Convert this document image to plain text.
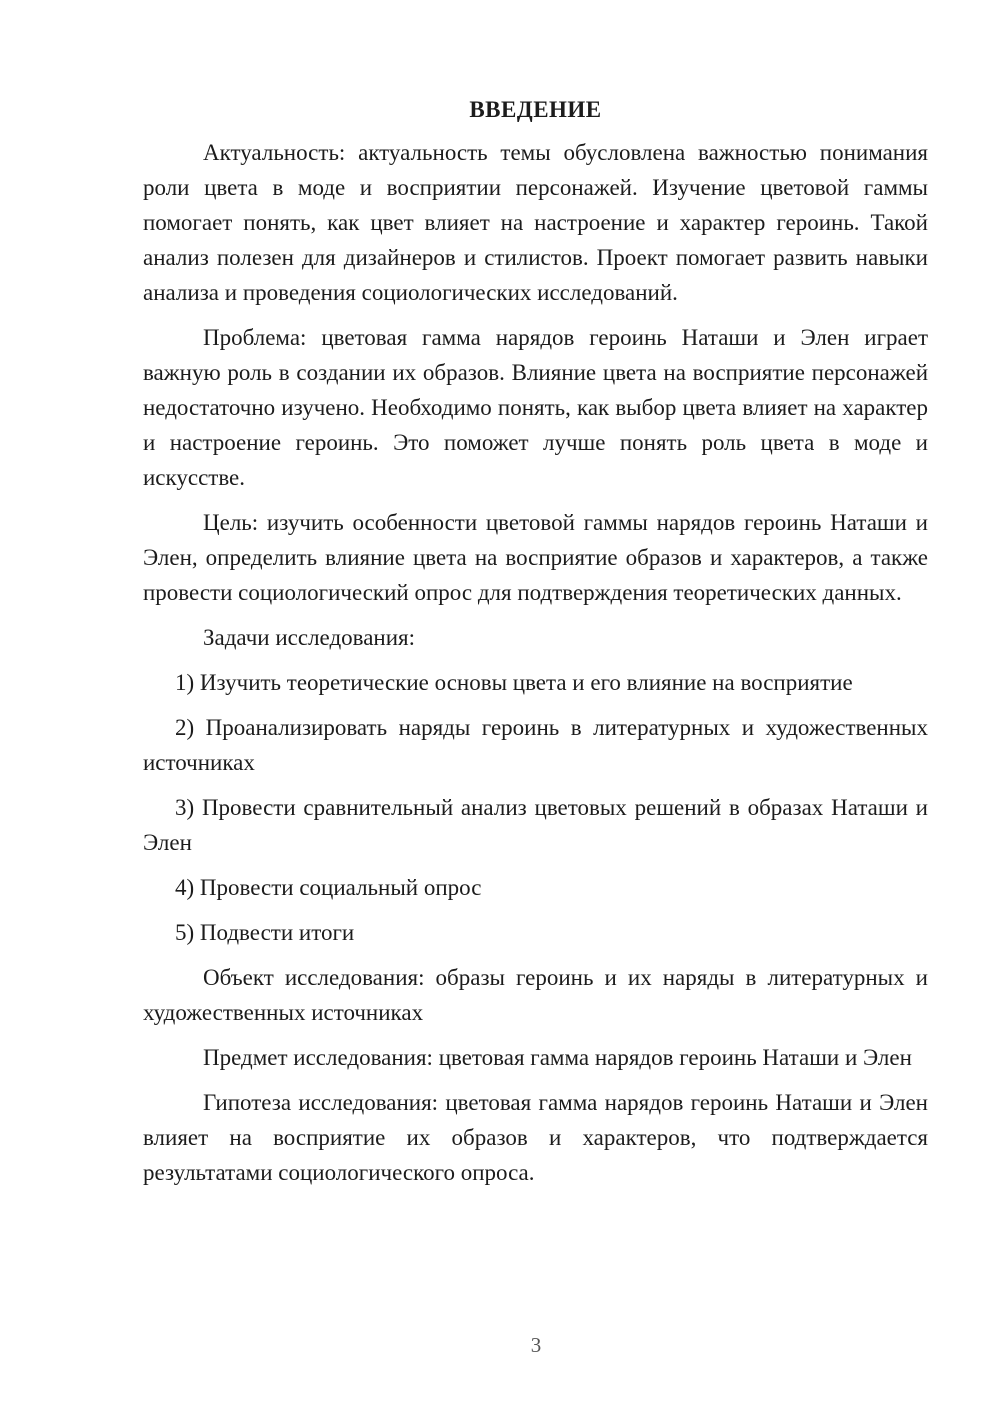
ВВЕДЕНИЕ

Актуальность: актуальность темы обусловлена важностью понимания роли цвета в моде и восприятии персонажей. Изучение цветовой гаммы помогает понять, как цвет влияет на настроение и характер героинь. Такой анализ полезен для дизайнеров и стилистов. Проект помогает развить навыки анализа и проведения социологических исследований.

Проблема: цветовая гамма нарядов героинь Наташи и Элен играет важную роль в создании их образов. Влияние цвета на восприятие персонажей недостаточно изучено. Необходимо понять, как выбор цвета влияет на характер и настроение героинь. Это поможет лучше понять роль цвета в моде и искусстве.

Цель: изучить особенности цветовой гаммы нарядов героинь Наташи и Элен, определить влияние цвета на восприятие образов и характеров, а также провести социологический опрос для подтверждения теоретических данных.

Задачи исследования:

1) Изучить теоретические основы цвета и его влияние на восприятие

2) Проанализировать наряды героинь в литературных и художественных источниках

3) Провести сравнительный анализ цветовых решений в образах Наташи и Элен

4) Провести социальный опрос

5) Подвести итоги

Объект исследования: образы героинь и их наряды в литературных и художественных источниках

Предмет исследования: цветовая гамма нарядов героинь Наташи и Элен

Гипотеза исследования: цветовая гамма нарядов героинь Наташи и Элен влияет на восприятие их образов и характеров, что подтверждается результатами социологического опроса.

3
